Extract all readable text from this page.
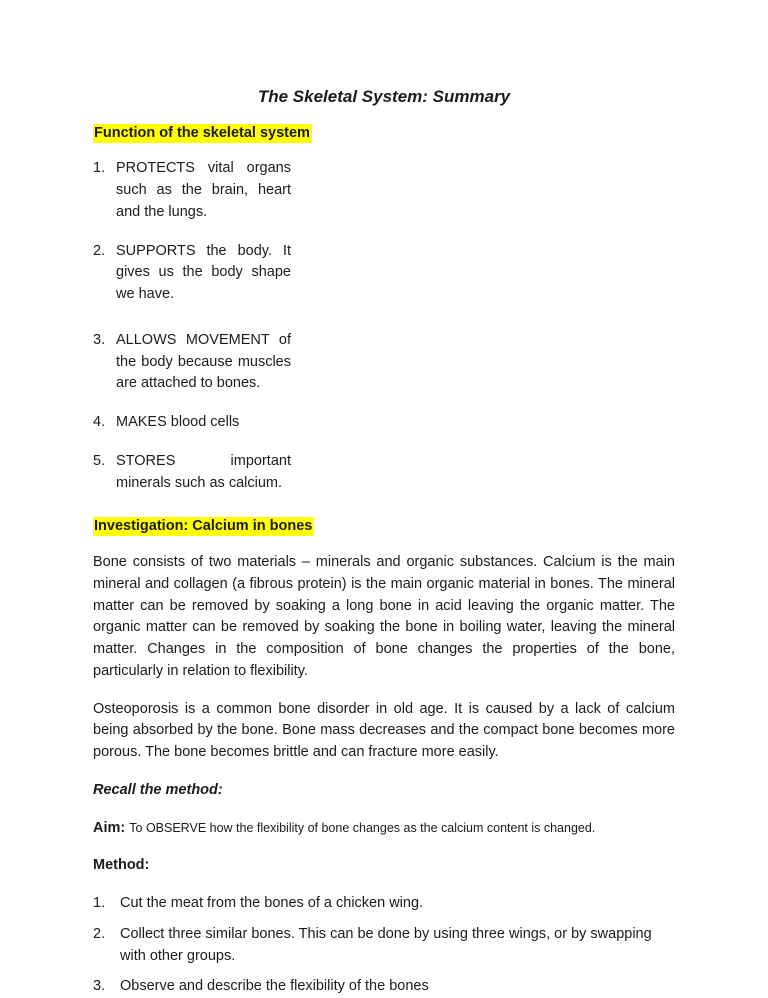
The Skeletal System: Summary
Function of the skeletal system
1. PROTECTS vital organs such as the brain, heart and the lungs.
2. SUPPORTS the body. It gives us the body shape we have.
3. ALLOWS MOVEMENT of the body because muscles are attached to bones.
4. MAKES blood cells
5. STORES important minerals such as calcium.
Investigation: Calcium in bones
Bone consists of two materials – minerals and organic substances. Calcium is the main mineral and collagen (a fibrous protein) is the main organic material in bones. The mineral matter can be removed by soaking a long bone in acid leaving the organic matter. The organic matter can be removed by soaking the bone in boiling water, leaving the mineral matter. Changes in the composition of bone changes the properties of the bone, particularly in relation to flexibility.
Osteoporosis is a common bone disorder in old age. It is caused by a lack of calcium being absorbed by the bone. Bone mass decreases and the compact bone becomes more porous. The bone becomes brittle and can fracture more easily.
Recall the method:
Aim: To OBSERVE how the flexibility of bone changes as the calcium content is changed.
Method:
1.	Cut the meat from the bones of a chicken wing.
2.	Collect three similar bones. This can be done by using three wings, or by swapping with other groups.
3.	Observe and describe the flexibility of the bones
